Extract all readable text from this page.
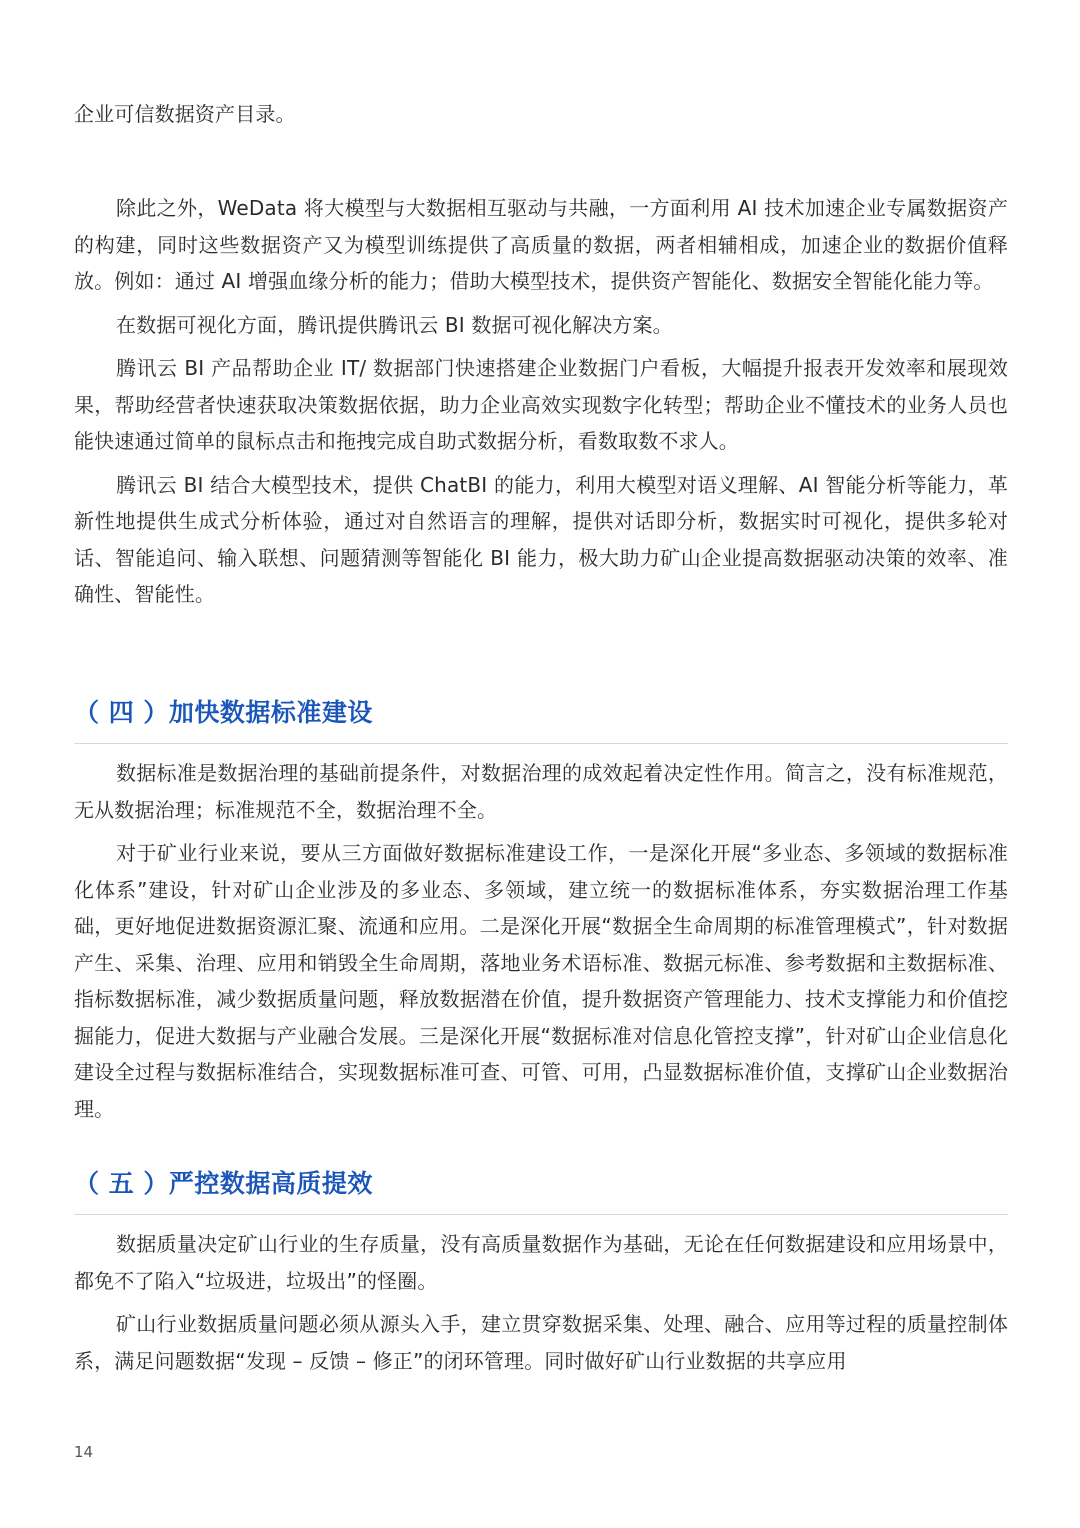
企业可信数据资产目录。

除此之外，WeData 将大模型与大数据相互驱动与共融，一方面利用 AI 技术加速企业专属数据资产的构建，同时这些数据资产又为模型训练提供了高质量的数据，两者相辅相成，加速企业的数据价值释放。例如：通过 AI 增强血缘分析的能力；借助大模型技术，提供资产智能化、数据安全智能化能力等。

在数据可视化方面，腾讯提供腾讯云 BI 数据可视化解决方案。

腾讯云 BI 产品帮助企业 IT/ 数据部门快速搭建企业数据门户看板，大幅提升报表开发效率和展现效果，帮助经营者快速获取决策数据依据，助力企业高效实现数字化转型；帮助企业不懂技术的业务人员也能快速通过简单的鼠标点击和拖拽完成自助式数据分析，看数取数不求人。

腾讯云 BI 结合大模型技术，提供 ChatBI 的能力，利用大模型对语义理解、AI 智能分析等能力，革新性地提供生成式分析体验，通过对自然语言的理解，提供对话即分析，数据实时可视化，提供多轮对话、智能追问、输入联想、问题猜测等智能化 BI 能力，极大助力矿山企业提高数据驱动决策的效率、准确性、智能性。

（ 四 ）加快数据标准建设

数据标准是数据治理的基础前提条件，对数据治理的成效起着决定性作用。简言之，没有标准规范，无从数据治理；标准规范不全，数据治理不全。

对于矿业行业来说，要从三方面做好数据标准建设工作，一是深化开展“多业态、多领域的数据标准化体系”建设，针对矿山企业涉及的多业态、多领域，建立统一的数据标准体系，夯实数据治理工作基础，更好地促进数据资源汇聚、流通和应用。二是深化开展“数据全生命周期的标准管理模式”，针对数据产生、采集、治理、应用和销毁全生命周期，落地业务术语标准、数据元标准、参考数据和主数据标准、指标数据标准，减少数据质量问题，释放数据潜在价值，提升数据资产管理能力、技术支撑能力和价值挖掘能力，促进大数据与产业融合发展。三是深化开展“数据标准对信息化管控支撑”，针对矿山企业信息化建设全过程与数据标准结合，实现数据标准可查、可管、可用，凸显数据标准价值，支撑矿山企业数据治理。

（ 五 ）严控数据高质提效

数据质量决定矿山行业的生存质量，没有高质量数据作为基础，无论在任何数据建设和应用场景中，都免不了陷入“垃圾进，垃圾出”的怪圈。

矿山行业数据质量问题必须从源头入手，建立贯穿数据采集、处理、融合、应用等过程的质量控制体系，满足问题数据“发现 – 反馈 – 修正”的闭环管理。同时做好矿山行业数据的共享应用

14
